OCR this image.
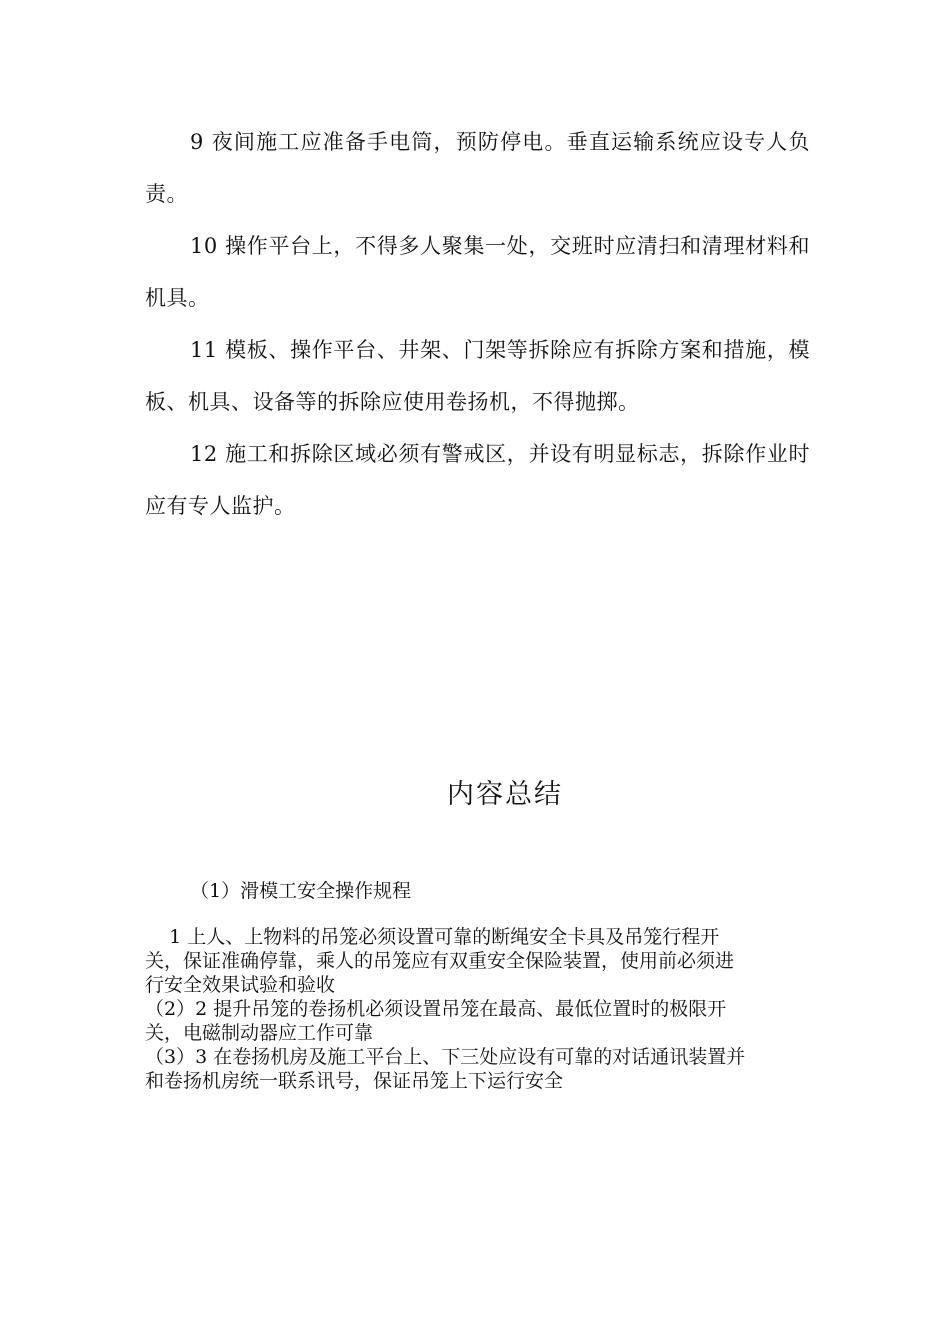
9 夜间施工应准备手电筒，预防停电。垂直运输系统应设专人负责。

10 操作平台上，不得多人聚集一处，交班时应清扫和清理材料和机具。

11 模板、操作平台、井架、门架等拆除应有拆除方案和措施，模板、机具、设备等的拆除应使用卷扬机，不得抛掷。

12 施工和拆除区域必须有警戒区，并设有明显标志，拆除作业时应有专人监护。

内容总结

（1）滑模工安全操作规程

1 上人、上物料的吊笼必须设置可靠的断绳安全卡具及吊笼行程开
关，保证准确停靠，乘人的吊笼应有双重安全保险装置，使用前必须进
行安全效果试验和验收
（2）2 提升吊笼的卷扬机必须设置吊笼在最高、最低位置时的极限开
关，电磁制动器应工作可靠
（3）3 在卷扬机房及施工平台上、下三处应设有可靠的对话通讯装置并
和卷扬机房统一联系讯号，保证吊笼上下运行安全
